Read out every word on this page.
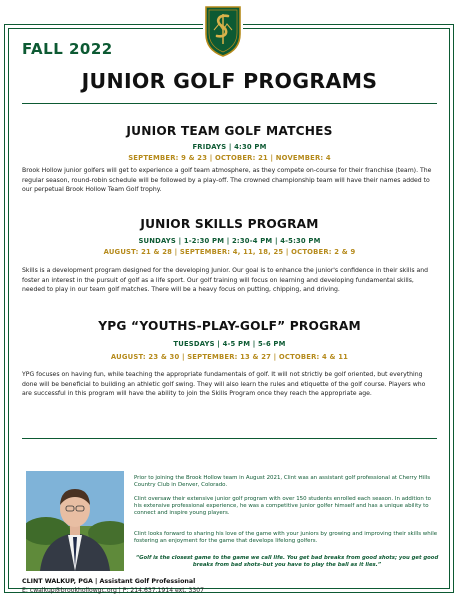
FALL 2022
JUNIOR GOLF PROGRAMS
JUNIOR TEAM GOLF MATCHES
FRIDAYS | 4:30 PM
SEPTEMBER: 9 & 23 | OCTOBER: 21 | NOVEMBER: 4
Brook Hollow junior golfers will get to experience a golf team atmosphere, as they compete on-course for their franchise (team). The regular season, round-robin schedule will be followed by a play-off. The crowned championship team will have their names added to our perpetual Brook Hollow Team Golf trophy.
JUNIOR SKILLS PROGRAM
SUNDAYS | 1-2:30 PM | 2:30-4 PM | 4-5:30 PM
AUGUST: 21 & 28 | SEPTEMBER: 4, 11, 18, 25 | OCTOBER: 2 & 9
Skills is a development program designed for the developing Junior. Our goal is to enhance the junior's confidence in their skills and foster an interest in the pursuit of golf as a life sport. Our golf training will focus on learning and developing fundamental skills, needed to play in our team golf matches. There will be a heavy focus on putting, chipping, and driving.
YPG “YOUTHS-PLAY-GOLF” PROGRAM
TUESDAYS | 4-5 PM | 5-6 PM
AUGUST: 23 & 30 | SEPTEMBER: 13 & 27 | OCTOBER: 4 & 11
YPG focuses on having fun, while teaching the appropriate fundamentals of golf. It will not strictly be golf oriented, but everything done will be beneficial to building an athletic golf swing. They will also learn the rules and etiquette of the golf course. Players who are successful in this program will have the ability to join the Skills Program once they reach the appropriate age.
Prior to joining the Brook Hollow team in August 2021, Clint was an assistant golf professional at Cherry Hills Country Club in Denver, Colorado.
Clint oversaw their extensive junior golf program with over 150 students enrolled each season. In addition to his extensive professional experience, he was a competitive junior golfer himself and has a unique ability to connect and inspire young players.
Clint looks forward to sharing his love of the game with your juniors by growing and improving their skills while fostering an enjoyment for the game that develops lifelong golfers.
“Golf is the closest game to the game we call life. You get bad breaks from good shots; you get good breaks from bad shots–but you have to play the ball as it lies.”
CLINT WALKUP, PGA | Assistant Golf Professional
E: cwalkup@brookhollowgc.org | P: 214.637.1914 ext. 3307
